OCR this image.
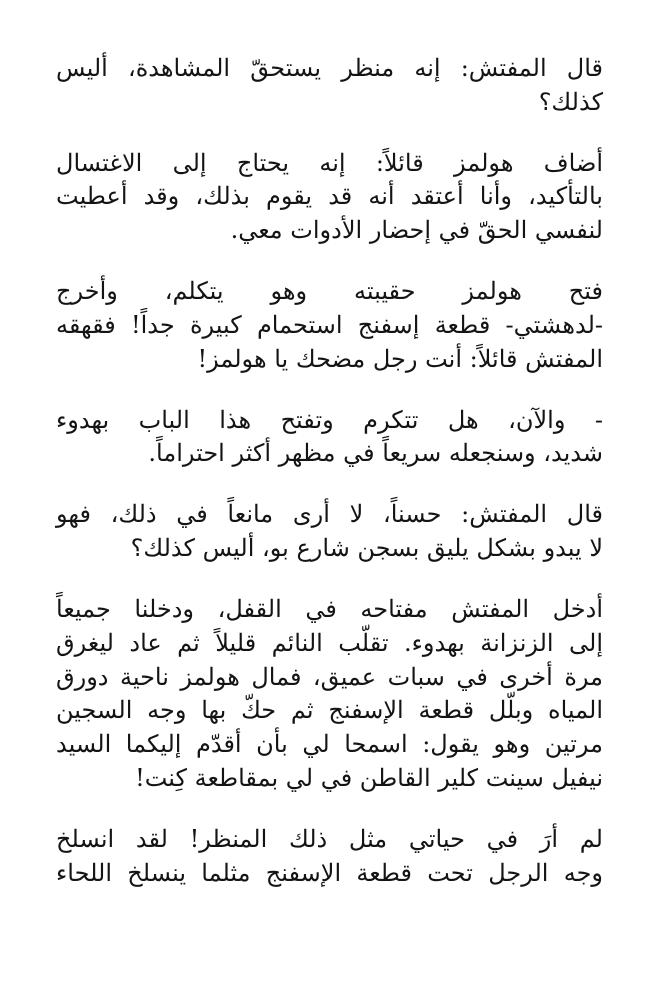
قال المفتش: إنه منظر يستحقّ المشاهدة، أليس
كذلك؟

أضاف هولمز قائلاً: إنه يحتاج إلى الاغتسال
بالتأكيد، وأنا أعتقد أنه قد يقوم بذلك، وقد أعطيت
لنفسي الحقّ في إحضار الأدوات معي.

فتح هولمز حقيبته وهو يتكلم، وأخرج
-لدهشتي- قطعة إسفنج استحمام كبيرة جداً! فقهقه
المفتش قائلاً: أنت رجل مضحك يا هولمز!

- والآن، هل تتكرم وتفتح هذا الباب بهدوء
شديد، وسنجعله سريعاً في مظهر أكثر احتراماً.

قال المفتش: حسناً، لا أرى مانعاً في ذلك، فهو
لا يبدو بشكل يليق بسجن شارع بو، أليس كذلك؟

أدخل المفتش مفتاحه في القفل، ودخلنا جميعاً
إلى الزنزانة بهدوء. تقلّب النائم قليلاً ثم عاد ليغرق
مرة أخرى في سبات عميق، فمال هولمز ناحية دورق
المياه وبلّل قطعة الإسفنج ثم حكّ بها وجه السجين
مرتين وهو يقول: اسمحا لي بأن أقدّم إليكما السيد
نيفيل سينت كلير القاطن في لي بمقاطعة كِنت!

لم أرَ في حياتي مثل ذلك المنظر! لقد انسلخ
وجه الرجل تحت قطعة الإسفنج مثلما ينسلخ اللحاء
